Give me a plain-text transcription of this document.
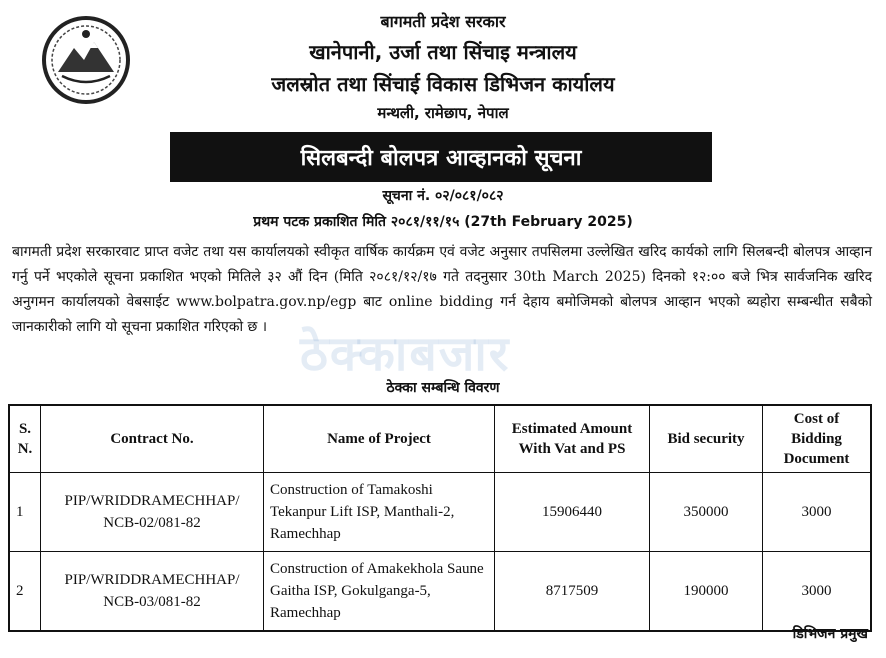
बागमती प्रदेश सरकार
खानेपानी, उर्जा तथा सिंचाइ मन्त्रालय
जलस्रोत तथा सिंचाई विकास डिभिजन कार्यालय
मन्थली, रामेछाप, नेपाल
सिलबन्दी बोलपत्र आव्हानको सूचना
सूचना नं. ०२/०८१/०८२
प्रथम पटक प्रकाशित मिति २०८१/११/१५ (27th February 2025)
ठेक्काबजार
बागमती प्रदेश सरकारवाट प्राप्त वजेट तथा यस कार्यालयको स्वीकृत वार्षिक कार्यक्रम एवं वजेट अनुसार तपसिलमा उल्लेखित खरिद कार्यको लागि सिलबन्दी बोलपत्र आव्हान गर्नु पर्ने भएकोले सूचना प्रकाशित भएको मितिले ३२ औं दिन (मिति २०८१/१२/१७ गते तदनुसार 30th March 2025) दिनको १२:०० बजे भित्र सार्वजनिक खरिद अनुगमन कार्यालयको वेबसाईट www.bolpatra.gov.np/egp बाट online bidding गर्न देहाय बमोजिमको बोलपत्र आव्हान भएको ब्यहोरा सम्बन्धीत सबैको जानकारीको लागि यो सूचना प्रकाशित गरिएको छ ।
ठेक्का सम्बन्धि विवरण
S. N.	Contract No.	Name of Project	Estimated Amount With Vat and PS	Bid security	Cost of Bidding Document
1	PIP/WRIDDRAMECHHAP/ NCB-02/081-82	Construction of Tamakoshi Tekanpur Lift ISP, Manthali-2, Ramechhap	15906440	350000	3000
2	PIP/WRIDDRAMECHHAP/ NCB-03/081-82	Construction of Amakekhola Saune Gaitha ISP, Gokulganga-5, Ramechhap	8717509	190000	3000
डिभिजन प्रमुख
